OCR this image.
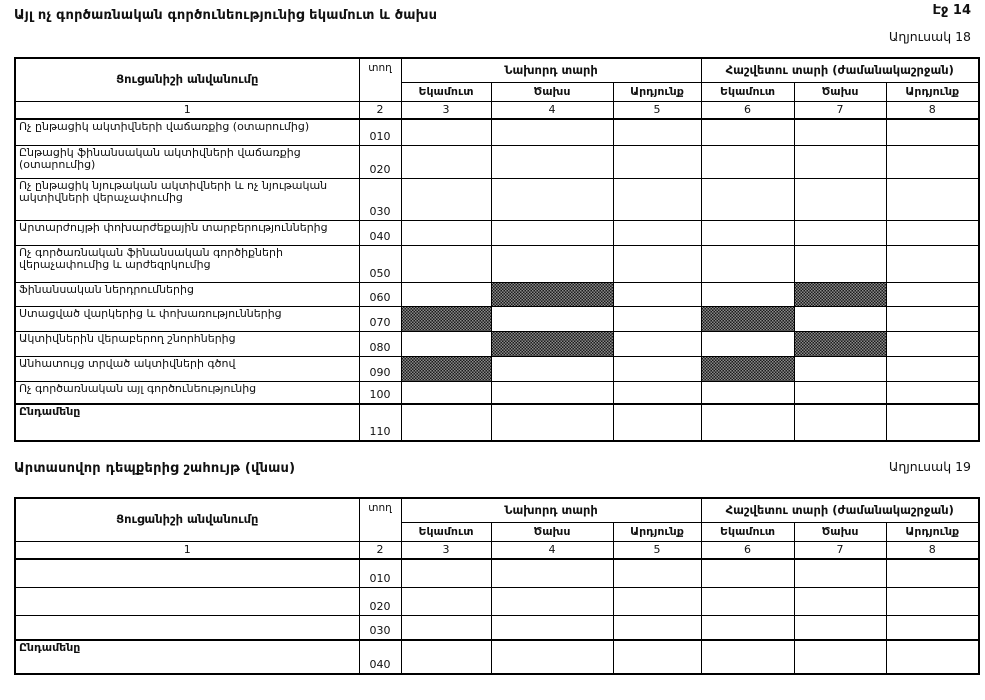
Էջ 14
Այլ ոչ գործառնական գործունեությունից եկամուտ և ծախս
Աղյուսակ 18
Ցուցանիշի անվանումը	տող	Նախորդ տարի			Հաշվետու տարի (ժամանակաշրջան)		
		Եկամուտ	Ծախս	Արդյունք	Եկամուտ	Ծախս	Արդյունք
1	2	3	4	5	6	7	8
Ոչ ընթացիկ ակտիվների վաճառքից (օտարումից)	010						
Ընթացիկ ֆինանսական ակտիվների վաճառքից (օտարումից)	020						
Ոչ ընթացիկ նյութական ակտիվների և ոչ նյութական ակտիվների վերաչափումից	030						
Արտարժույթի փոխարժեքային տարբերություններից	040						
Ոչ գործառնական ֆինանսական գործիքների վերաչափումից և արժեզրկումից	050						
Ֆինանսական ներդրումներից	060						
Ստացված վարկերից և փոխառություններից	070						
Ակտիվներին վերաբերող շնորհներից	080						
Անհատույց տրված ակտիվների գծով	090						
Ոչ գործառնական այլ գործունեությունից	100						
Ընդամենը	110						
Արտասովոր դեպքերից շահույթ (վնաս)	Աղյուսակ 19
Ցուցանիշի անվանումը	տող	Նախորդ տարի			Հաշվետու տարի (ժամանակաշրջան)		
		Եկամուտ	Ծախս	Արդյունք	Եկամուտ	Ծախս	Արդյունք
1	2	3	4	5	6	7	8
	010						
	020						
	030						
Ընդամենը	040						
